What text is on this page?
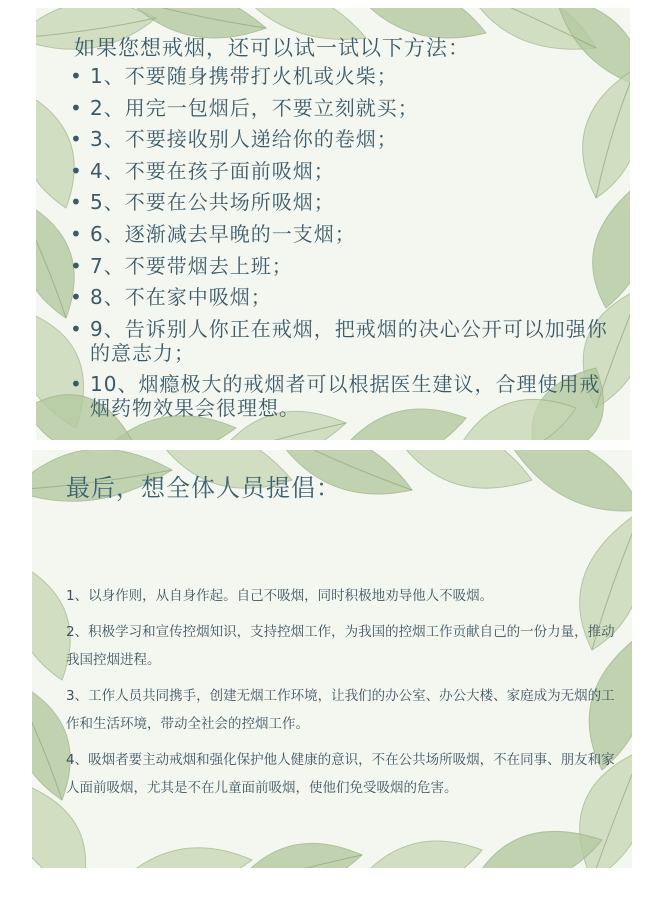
如果您想戒烟，还可以试一试以下方法：
• 1、不要随身携带打火机或火柴；
• 2、用完一包烟后，不要立刻就买；
• 3、不要接收别人递给你的卷烟；
• 4、不要在孩子面前吸烟；
• 5、不要在公共场所吸烟；
• 6、逐渐减去早晚的一支烟；
• 7、不要带烟去上班；
• 8、不在家中吸烟；
• 9、告诉别人你正在戒烟，把戒烟的决心公开可以加强你的意志力；
• 10、烟瘾极大的戒烟者可以根据医生建议，合理使用戒烟药物效果会很理想。
最后，想全体人员提倡：

1、以身作则，从自身作起。自己不吸烟，同时积极地劝导他人不吸烟。

2、积极学习和宣传控烟知识，支持控烟工作，为我国的控烟工作贡献自己的一份力量，推动我国控烟进程。

3、工作人员共同携手，创建无烟工作环境，让我们的办公室、办公大楼、家庭成为无烟的工作和生活环境，带动全社会的控烟工作。

4、吸烟者要主动戒烟和强化保护他人健康的意识，不在公共场所吸烟，不在同事、朋友和家人面前吸烟，尤其是不在儿童面前吸烟，使他们免受吸烟的危害。
